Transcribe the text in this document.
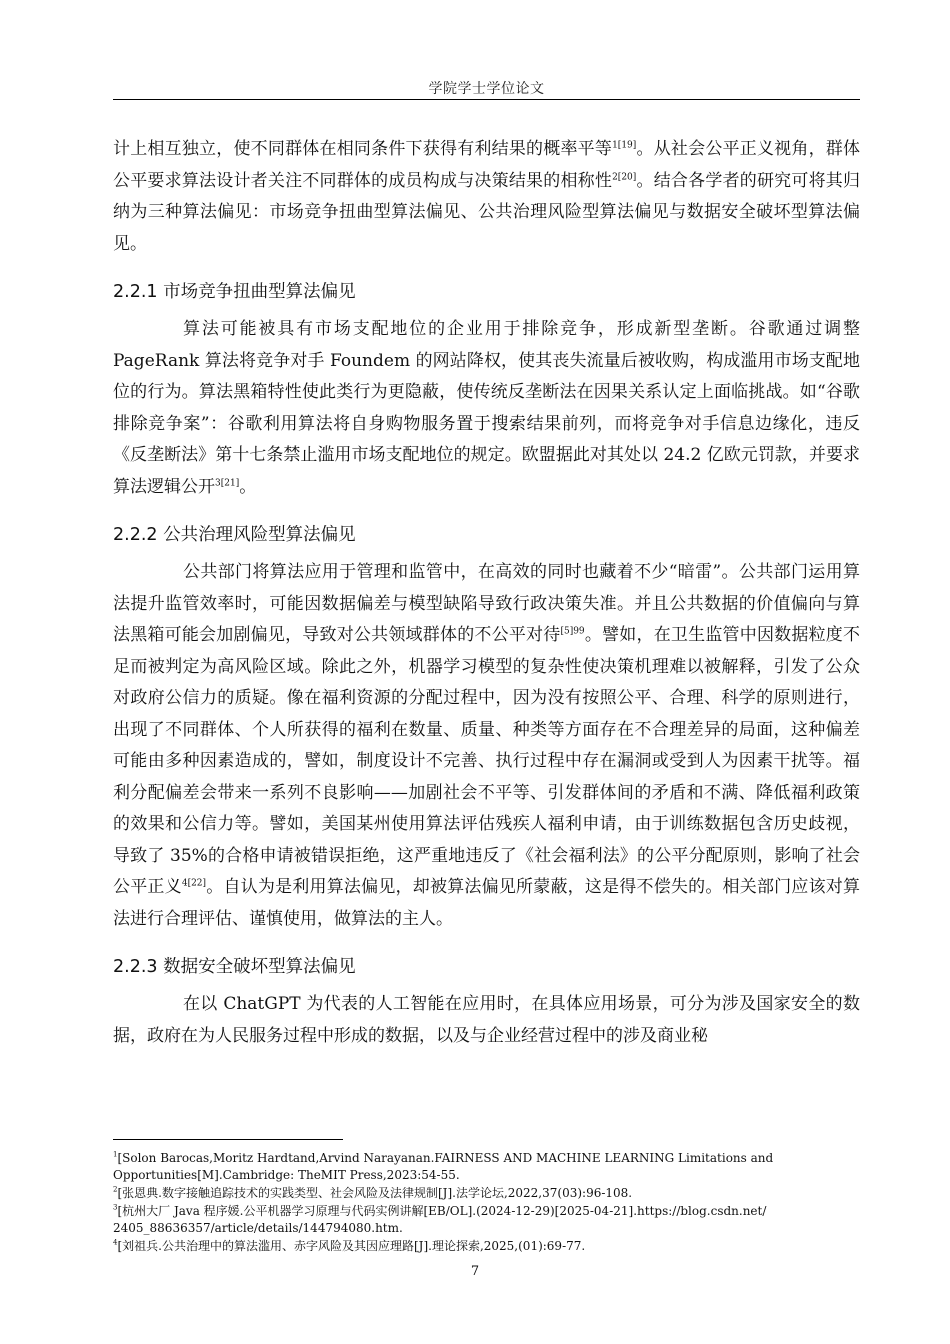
学院学士学位论文

计上相互独立，使不同群体在相同条件下获得有利结果的概率平等$^{1[19]}$。从社会公平正义视角，群体公平要求算法设计者关注不同群体的成员构成与决策结果的相称性$^{2[20]}$。结合各学者的研究可将其归纳为三种算法偏见：市场竞争扭曲型算法偏见、公共治理风险型算法偏见与数据安全破坏型算法偏见。

2.2.1 市场竞争扭曲型算法偏见

算法可能被具有市场支配地位的企业用于排除竞争，形成新型垄断。谷歌通过调整 PageRank 算法将竞争对手 Foundem 的网站降权，使其丧失流量后被收购，构成滥用市场支配地位的行为。算法黑箱特性使此类行为更隐蔽，使传统反垄断法在因果关系认定上面临挑战。如“谷歌排除竞争案”：谷歌利用算法将自身购物服务置于搜索结果前列，而将竞争对手信息边缘化，违反《反垄断法》第十七条禁止滥用市场支配地位的规定。欧盟据此对其处以 24.2 亿欧元罚款，并要求算法逻辑公开$^{3[21]}$。

2.2.2 公共治理风险型算法偏见

公共部门将算法应用于管理和监管中，在高效的同时也藏着不少“暗雷”。公共部门运用算法提升监管效率时，可能因数据偏差与模型缺陷导致行政决策失准。并且公共数据的价值偏向与算法黑箱可能会加剧偏见，导致对公共领域群体的不公平对待$^{[5]99}$。譬如，在卫生监管中因数据粒度不足而被判定为高风险区域。除此之外，机器学习模型的复杂性使决策机理难以被解释，引发了公众对政府公信力的质疑。像在福利资源的分配过程中，因为没有按照公平、合理、科学的原则进行，出现了不同群体、个人所获得的福利在数量、质量、种类等方面存在不合理差异的局面，这种偏差可能由多种因素造成的，譬如，制度设计不完善、执行过程中存在漏洞或受到人为因素干扰等。福利分配偏差会带来一系列不良影响——加剧社会不平等、引发群体间的矛盾和不满、降低福利政策的效果和公信力等。譬如，美国某州使用算法评估残疾人福利申请，由于训练数据包含历史歧视，导致了 35%的合格申请被错误拒绝，这严重地违反了《社会福利法》的公平分配原则，影响了社会公平正义$^{4[22]}$。自认为是利用算法偏见，却被算法偏见所蒙蔽，这是得不偿失的。相关部门应该对算法进行合理评估、谨慎使用，做算法的主人。

2.2.3 数据安全破坏型算法偏见

在以 ChatGPT 为代表的人工智能在应用时，在具体应用场景，可分为涉及国家安全的数据，政府在为人民服务过程中形成的数据，以及与企业经营过程中的涉及商业秘

$^1$[Solon Barocas,Moritz Hardtand,Arvind Narayanan.FAIRNESS AND MACHINE LEARNING Limitations and Opportunities[M].Cambridge: TheMIT Press,2023:54-55.
$^2$[张恩典.数字接触追踪技术的实践类型、社会风险及法律规制[J].法学论坛,2022,37(03):96-108.
$^3$[杭州大厂 Java 程序媛.公平机器学习原理与代码实例讲解[EB/OL].(2024-12-29)[2025-04-21].https://blog.csdn.net/ 2405_88636357/article/details/144794080.htm.
$^4$[刘祖兵.公共治理中的算法滥用、赤字风险及其因应理路[J].理论探索,2025,(01):69-77.
7
